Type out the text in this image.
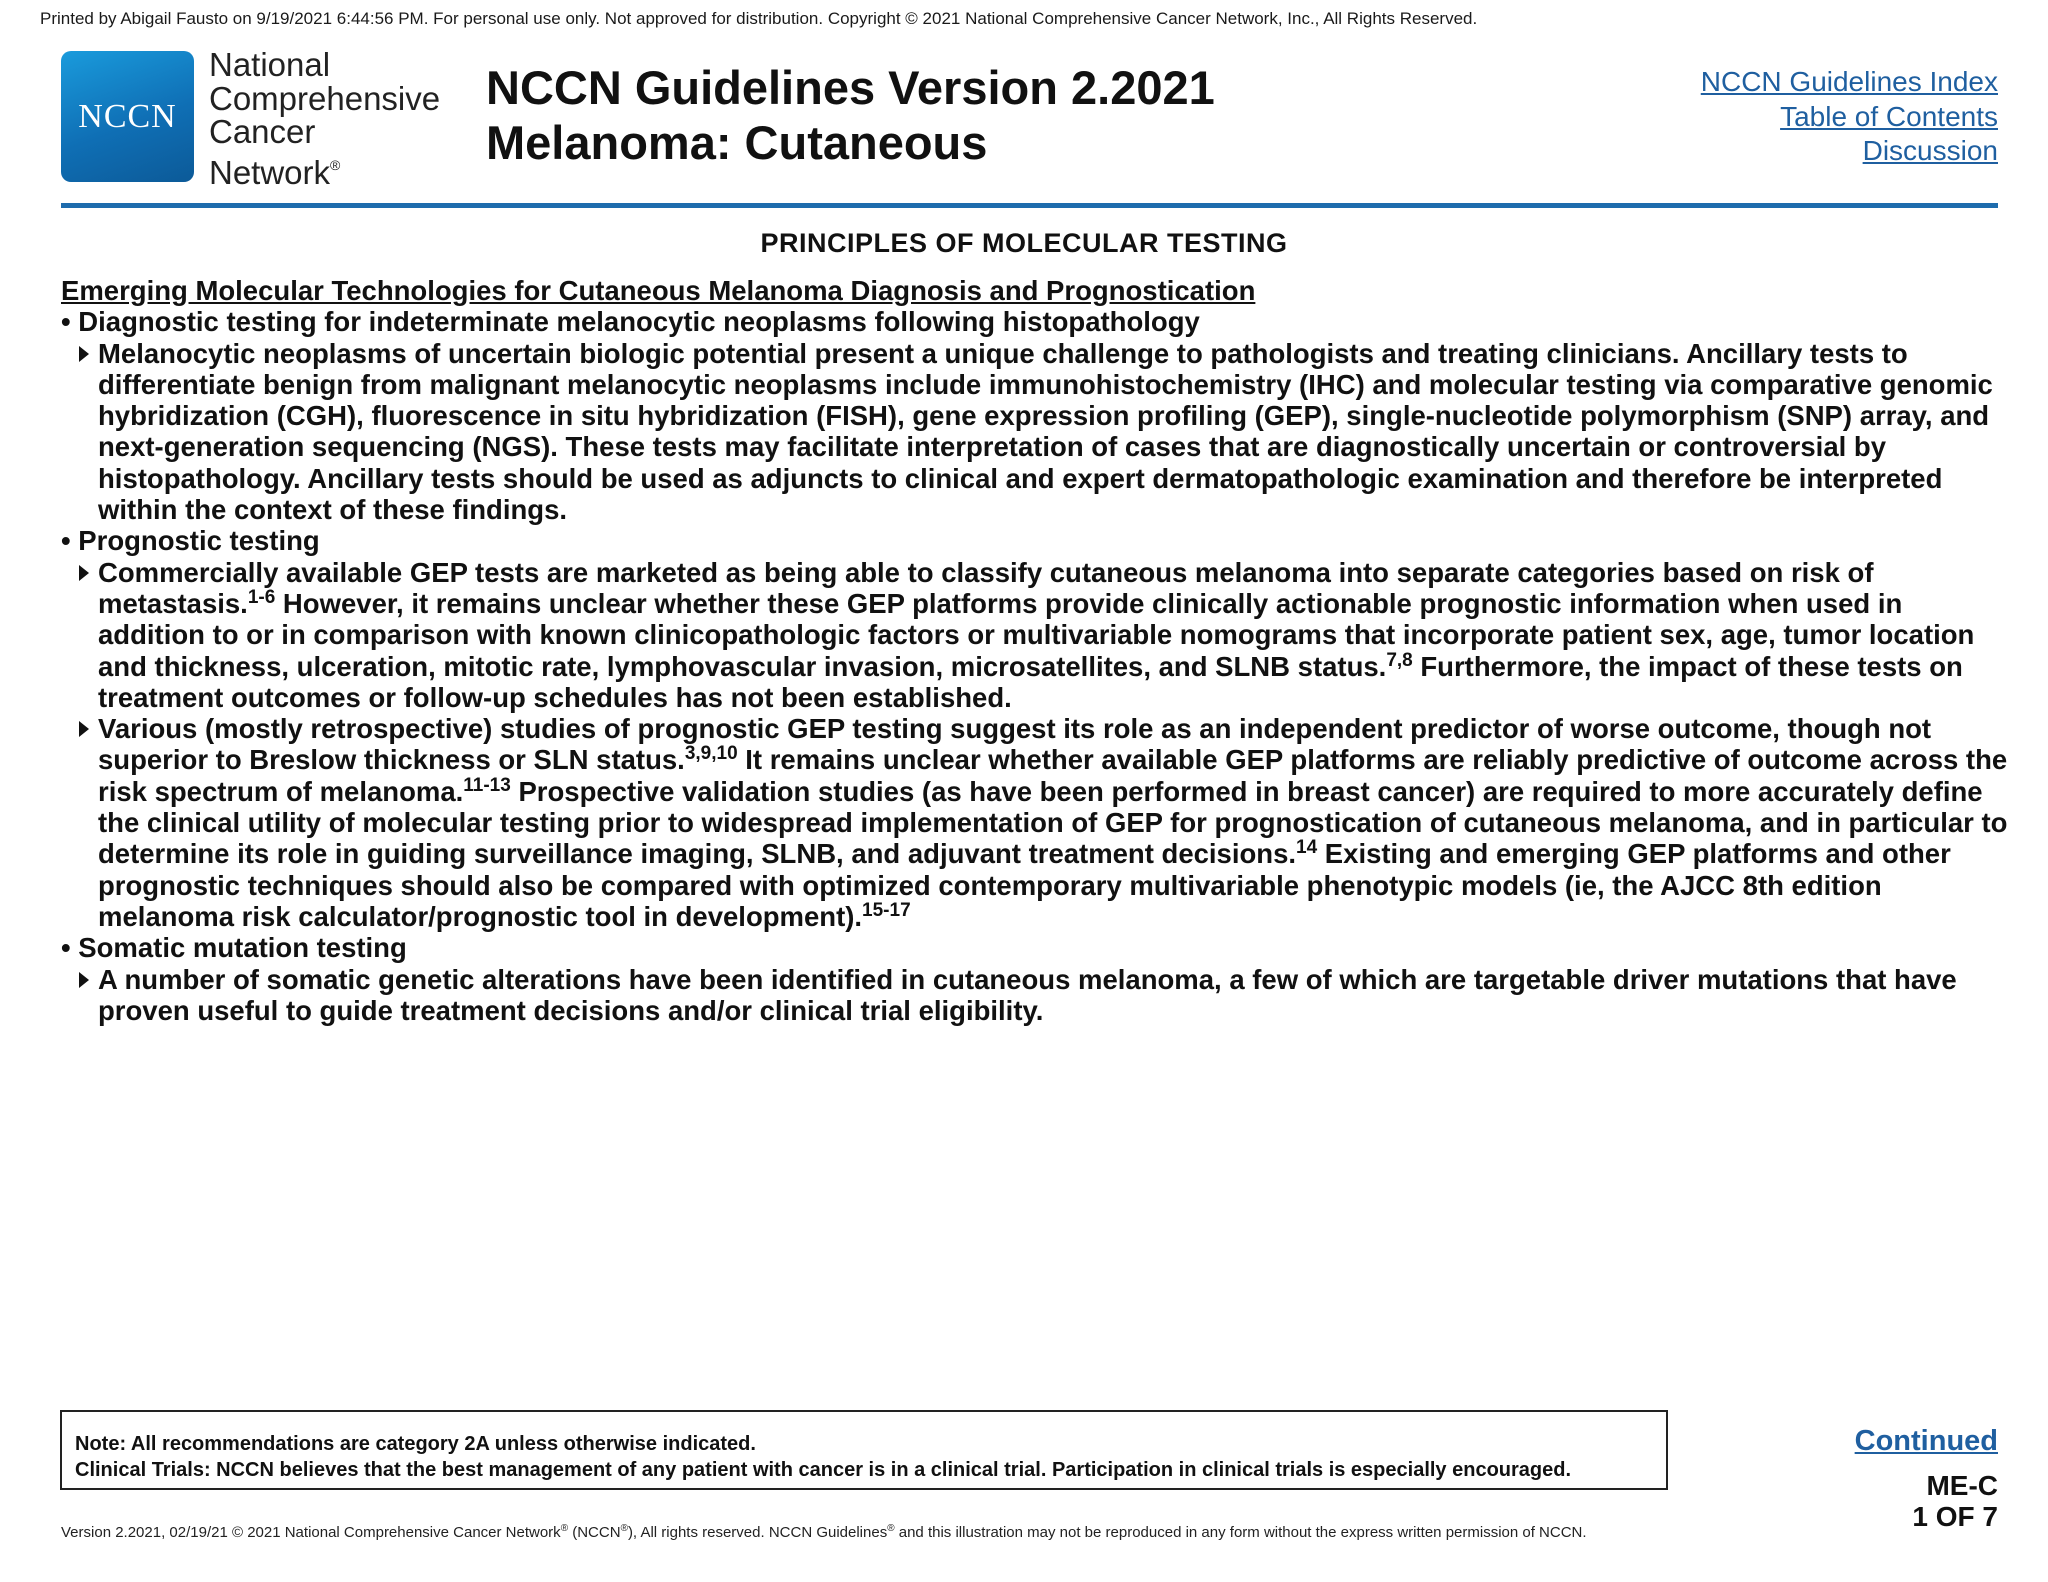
Printed by Abigail Fausto on 9/19/2021 6:44:56 PM. For personal use only. Not approved for distribution. Copyright © 2021 National Comprehensive Cancer Network, Inc., All Rights Reserved.
NCCN
National
Comprehensive
Cancer
Network®
NCCN Guidelines Version 2.2021
Melanoma: Cutaneous
NCCN Guidelines Index
Table of Contents
Discussion
PRINCIPLES OF MOLECULAR TESTING
Emerging Molecular Technologies for Cutaneous Melanoma Diagnosis and Prognostication
• Diagnostic testing for indeterminate melanocytic neoplasms following histopathology
Melanocytic neoplasms of uncertain biologic potential present a unique challenge to pathologists and treating clinicians. Ancillary tests to differentiate benign from malignant melanocytic neoplasms include immunohistochemistry (IHC) and molecular testing via comparative genomic hybridization (CGH), fluorescence in situ hybridization (FISH), gene expression profiling (GEP), single-nucleotide polymorphism (SNP) array, and next-generation sequencing (NGS). These tests may facilitate interpretation of cases that are diagnostically uncertain or controversial by histopathology. Ancillary tests should be used as adjuncts to clinical and expert dermatopathologic examination and therefore be interpreted within the context of these findings.
• Prognostic testing
Commercially available GEP tests are marketed as being able to classify cutaneous melanoma into separate categories based on risk of metastasis.$^{1-6}$ However, it remains unclear whether these GEP platforms provide clinically actionable prognostic information when used in addition to or in comparison with known clinicopathologic factors or multivariable nomograms that incorporate patient sex, age, tumor location and thickness, ulceration, mitotic rate, lymphovascular invasion, microsatellites, and SLNB status.$^{7,8}$ Furthermore, the impact of these tests on treatment outcomes or follow-up schedules has not been established.
Various (mostly retrospective) studies of prognostic GEP testing suggest its role as an independent predictor of worse outcome, though not superior to Breslow thickness or SLN status.$^{3,9,10}$ It remains unclear whether available GEP platforms are reliably predictive of outcome across the risk spectrum of melanoma.$^{11-13}$ Prospective validation studies (as have been performed in breast cancer) are required to more accurately define the clinical utility of molecular testing prior to widespread implementation of GEP for prognostication of cutaneous melanoma, and in particular to determine its role in guiding surveillance imaging, SLNB, and adjuvant treatment decisions.$^{14}$ Existing and emerging GEP platforms and other prognostic techniques should also be compared with optimized contemporary multivariable phenotypic models (ie, the AJCC 8th edition melanoma risk calculator/prognostic tool in development).$^{15-17}$
• Somatic mutation testing
A number of somatic genetic alterations have been identified in cutaneous melanoma, a few of which are targetable driver mutations that have proven useful to guide treatment decisions and/or clinical trial eligibility.
Note: All recommendations are category 2A unless otherwise indicated.
Clinical Trials: NCCN believes that the best management of any patient with cancer is in a clinical trial. Participation in clinical trials is especially encouraged.
Continued
ME-C
1 OF 7
Version 2.2021, 02/19/21 © 2021 National Comprehensive Cancer Network® (NCCN®), All rights reserved. NCCN Guidelines® and this illustration may not be reproduced in any form without the express written permission of NCCN.
